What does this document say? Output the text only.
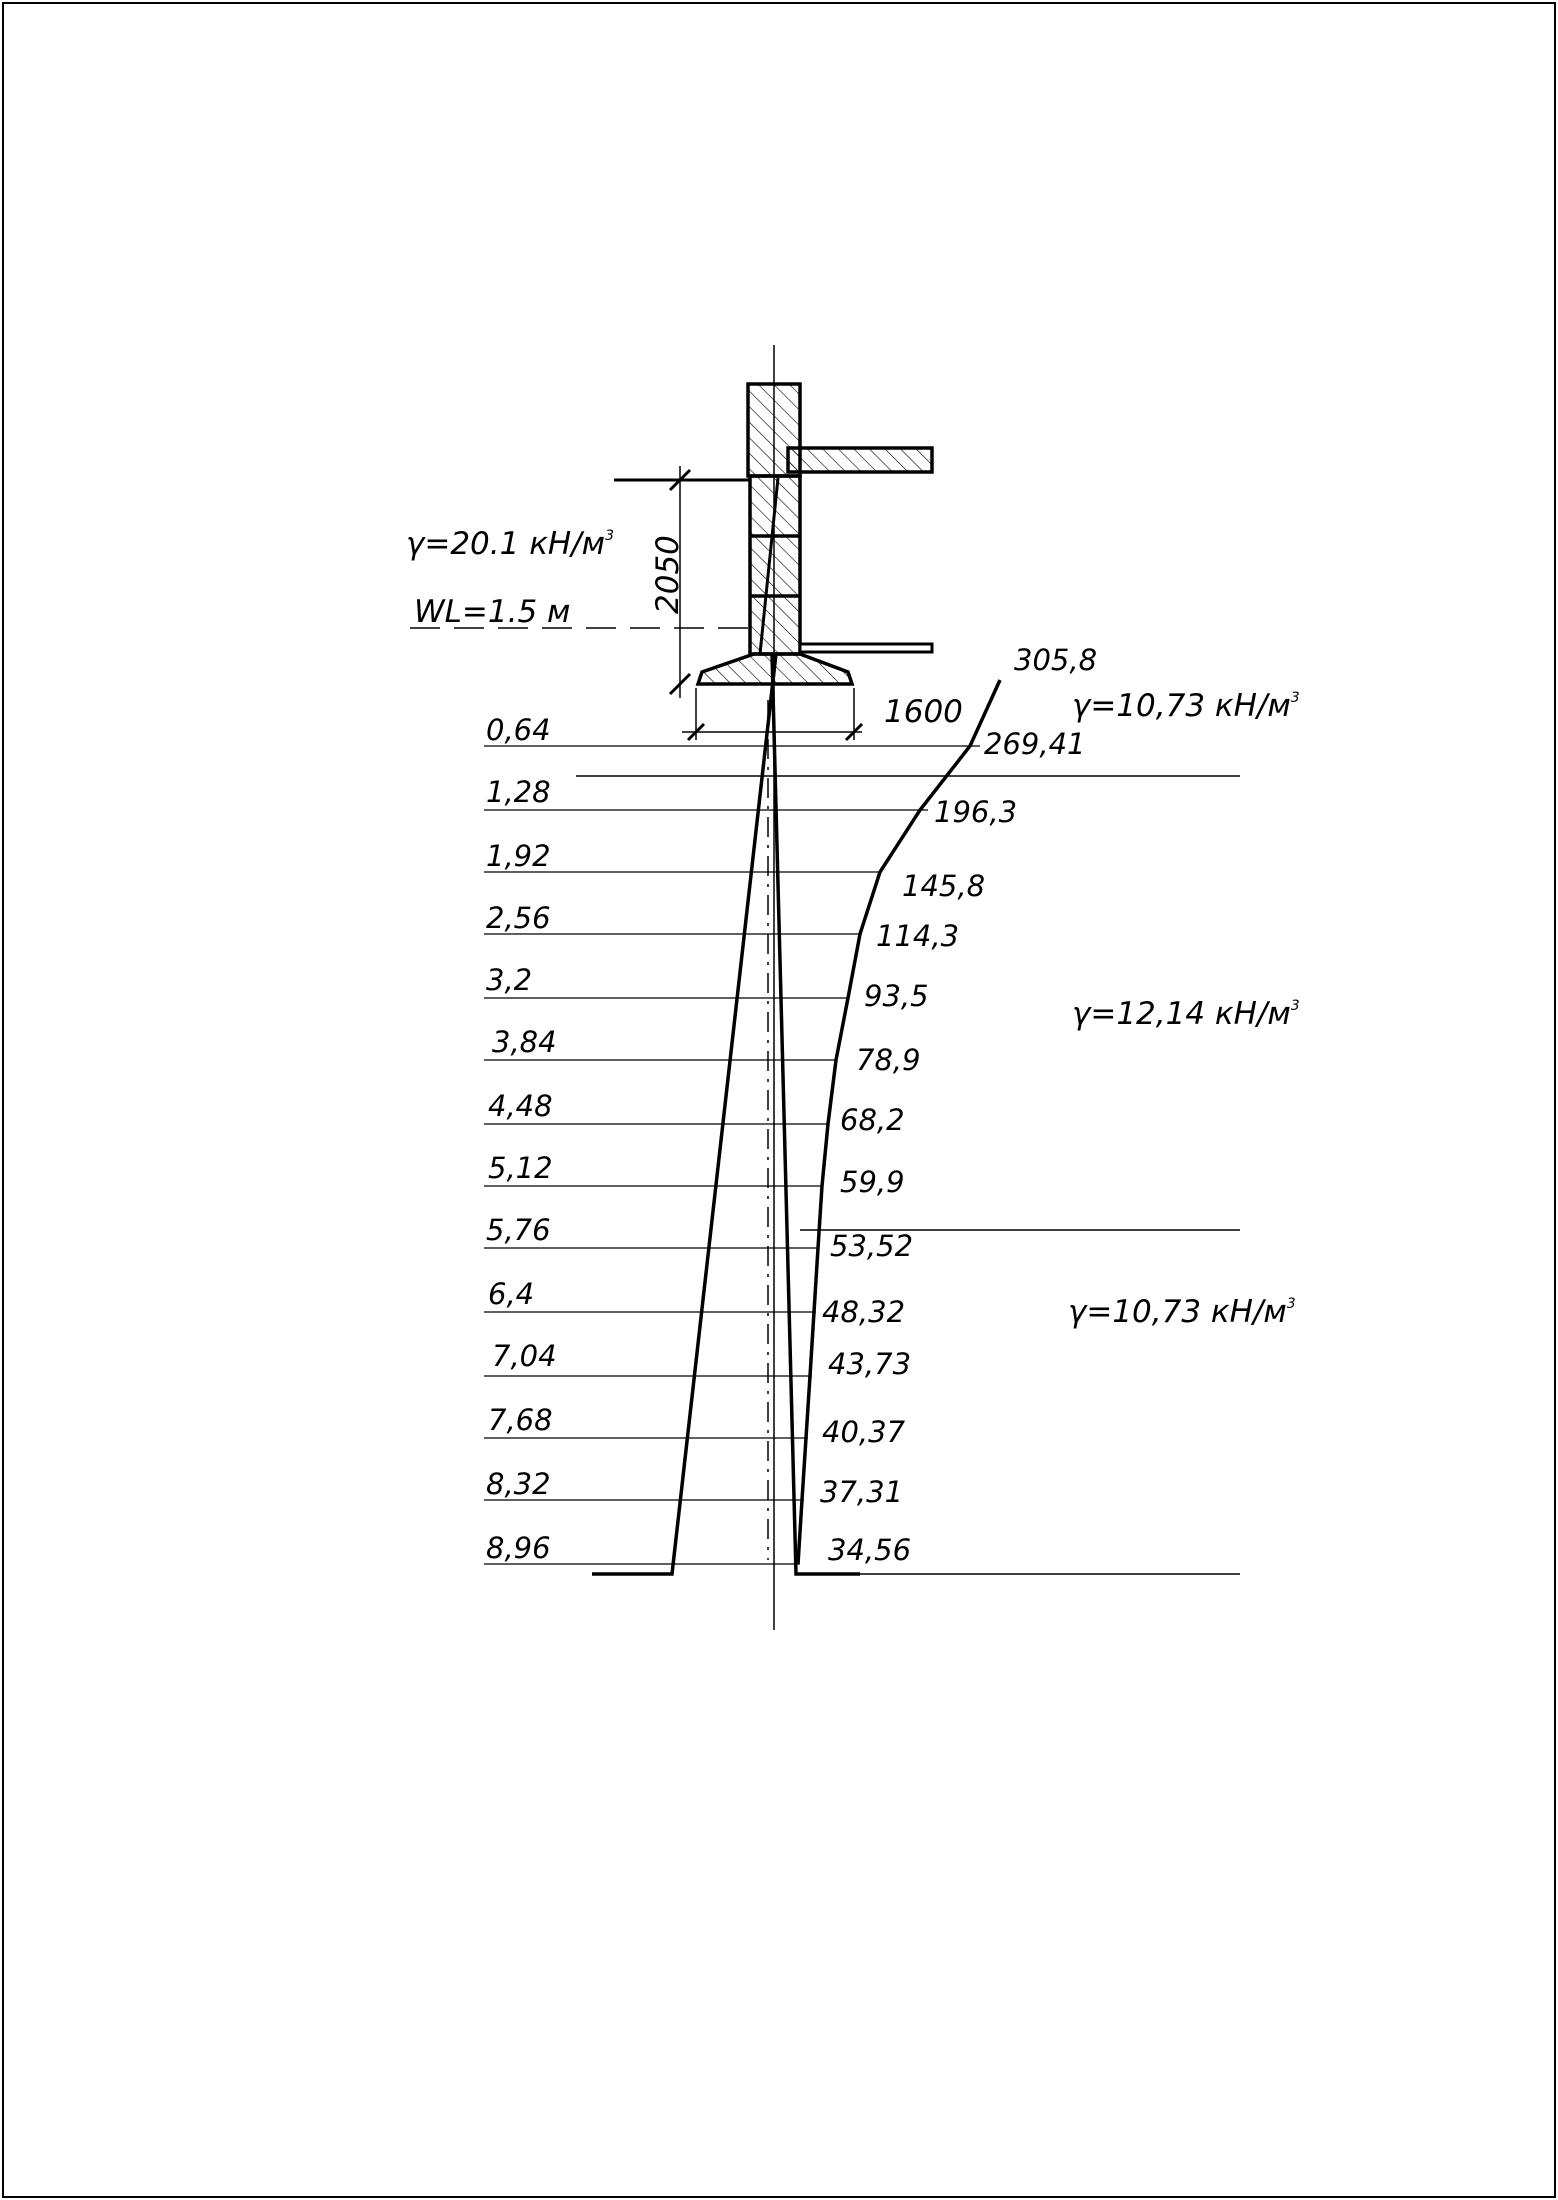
γ=20.1 $кН/м^3$
WL=1.5 м	2050
1600	γ=10,73 $кН/м^3$
γ=12,14 $кН/м^3$
γ=10,73 $кН/м^3$
0,64
1,28
1,92
2,56
3,2
3,84
4,48
5,12
5,76
6,4
7,04
7,68
8,32
8,96
305,8
269,41
196,3
145,8
114,3
93,5
78,9
68,2
59,9
53,52
48,32
43,73
40,37
37,31
34,56
